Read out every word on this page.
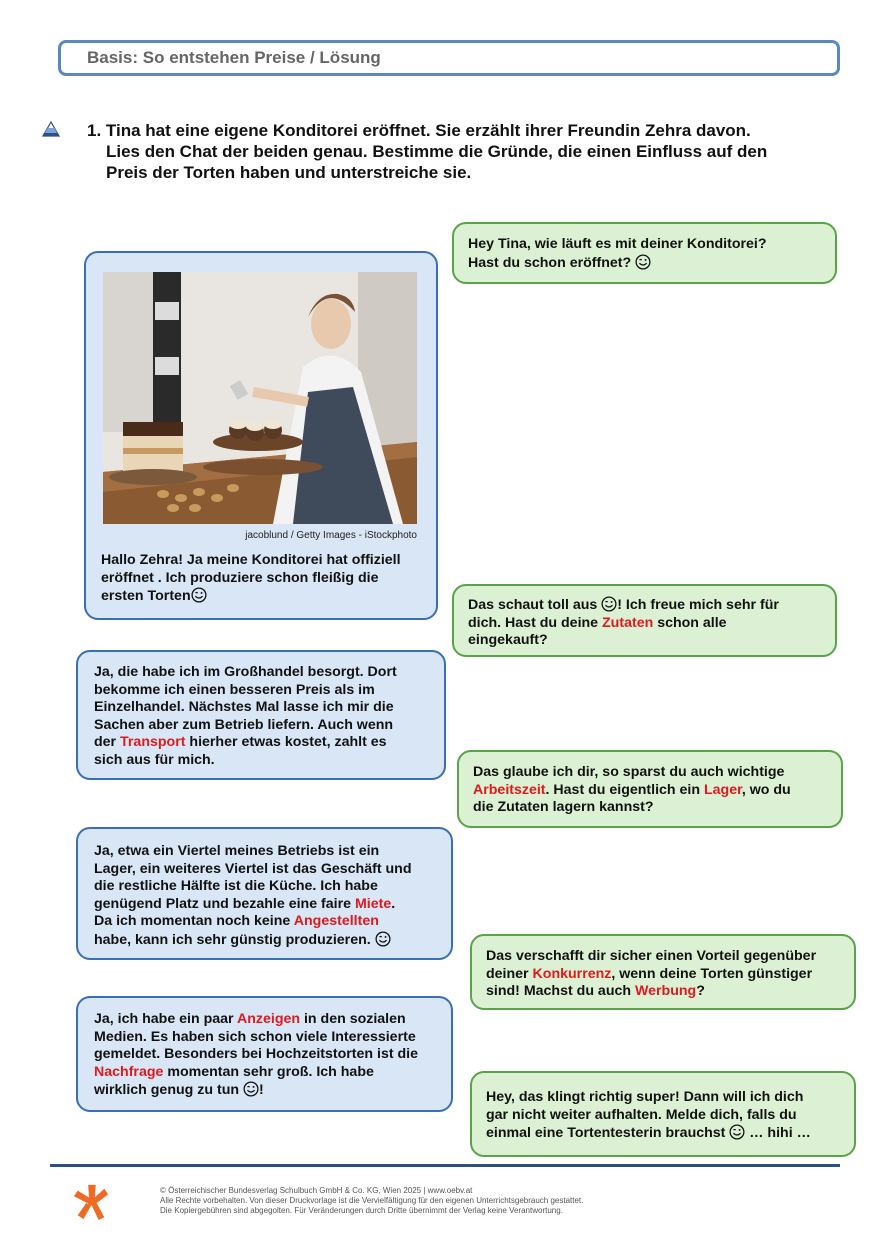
Basis: So entstehen Preise / Lösung
1. Tina hat eine eigene Konditorei eröffnet. Sie erzählt ihrer Freundin Zehra davon.
Lies den Chat der beiden genau. Bestimme die Gründe, die einen Einfluss auf den
Preis der Torten haben und unterstreiche sie.
Hey Tina, wie läuft es mit deiner Konditorei?
Hast du schon eröffnet?
jacoblund / Getty Images - iStockphoto
Hallo Zehra! Ja meine Konditorei hat offiziell
eröffnet . Ich produziere schon fleißig die
ersten Torten
Das schaut toll aus ! Ich freue mich sehr für
dich. Hast du deine Zutaten schon alle
eingekauft?
Ja, die habe ich im Großhandel besorgt. Dort
bekomme ich einen besseren Preis als im
Einzelhandel. Nächstes Mal lasse ich mir die
Sachen aber zum Betrieb liefern. Auch wenn
der Transport hierher etwas kostet, zahlt es
sich aus für mich.
Das glaube ich dir, so sparst du auch wichtige
Arbeitszeit. Hast du eigentlich ein Lager, wo du
die Zutaten lagern kannst?
Ja, etwa ein Viertel meines Betriebs ist ein
Lager, ein weiteres Viertel ist das Geschäft und
die restliche Hälfte ist die Küche. Ich habe
genügend Platz und bezahle eine faire Miete.
Da ich momentan noch keine Angestellten
habe, kann ich sehr günstig produzieren.
Das verschafft dir sicher einen Vorteil gegenüber
deiner Konkurrenz, wenn deine Torten günstiger
sind! Machst du auch Werbung?
Ja, ich habe ein paar Anzeigen in den sozialen
Medien. Es haben sich schon viele Interessierte
gemeldet. Besonders bei Hochzeitstorten ist die
Nachfrage momentan sehr groß. Ich habe
wirklich genug zu tun !	Hey, das klingt richtig super! Dann will ich dich
gar nicht weiter aufhalten. Melde dich, falls du
einmal eine Tortentesterin brauchst  … hihi …
© Österreichischer Bundesverlag Schulbuch GmbH & Co. KG, Wien 2025 | www.oebv.at
Alle Rechte vorbehalten. Von dieser Druckvorlage ist die Vervielfältigung für den eigenen Unterrichtsgebrauch gestattet.
Die Kopiergebühren sind abgegolten. Für Veränderungen durch Dritte übernimmt der Verlag keine Verantwortung.
